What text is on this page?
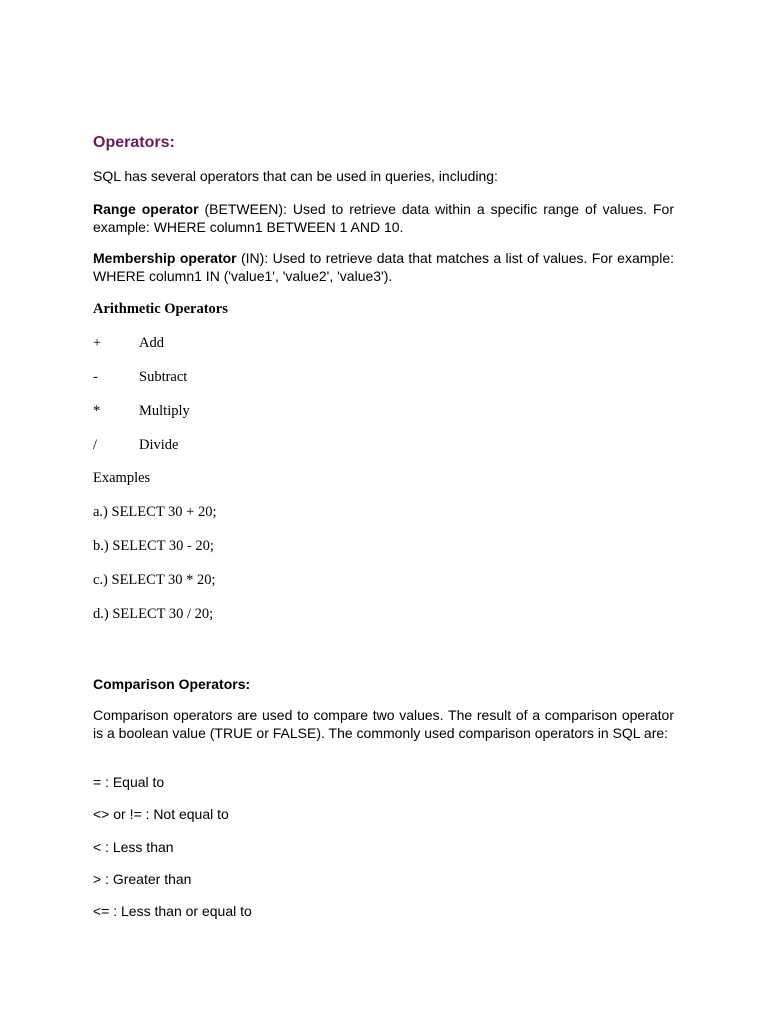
Operators:

SQL has several operators that can be used in queries, including:

Range operator (BETWEEN): Used to retrieve data within a specific range of values. For example: WHERE column1 BETWEEN 1 AND 10.

Membership operator (IN): Used to retrieve data that matches a list of values. For example: WHERE column1 IN ('value1', 'value2', 'value3').

Arithmetic Operators

+	Add
-	Subtract
*	Multiply
/	Divide

Examples

a.) SELECT 30 + 20;

b.) SELECT 30 - 20;

c.) SELECT 30 * 20;

d.) SELECT 30 / 20;

Comparison Operators:

Comparison operators are used to compare two values. The result of a comparison operator is a boolean value (TRUE or FALSE). The commonly used comparison operators in SQL are:

= : Equal to

<> or != : Not equal to

< : Less than

> : Greater than

<= : Less than or equal to
